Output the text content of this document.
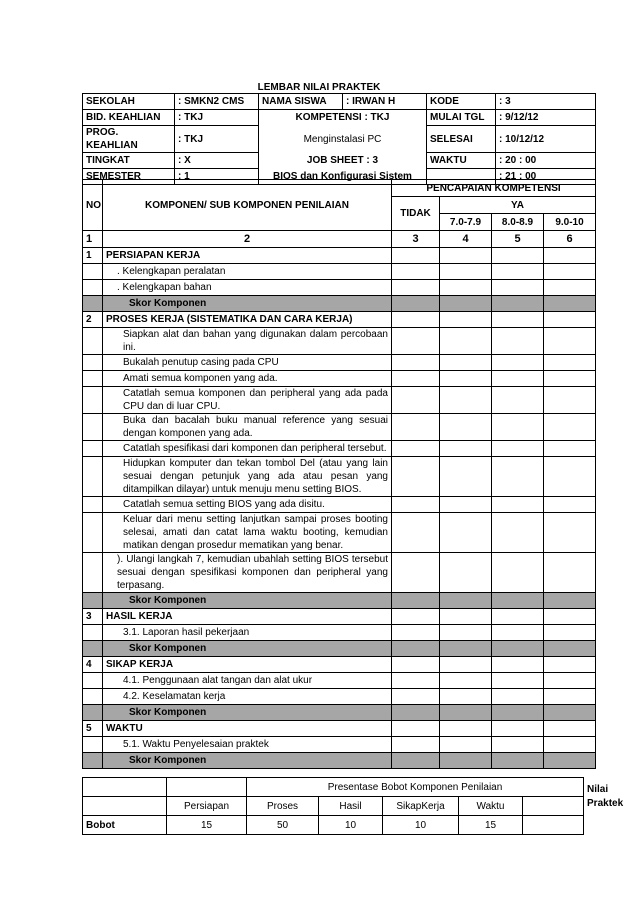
LEMBAR NILAI PRAKTEK
SEKOLAH	: SMKN2 CMS	NAMA SISWA	: IRWAN H	KODE	: 3
BID. KEAHLIAN	: TKJ	KOMPETENSI : TKJ		MULAI TGL	: 9/12/12
PROG. KEAHLIAN	: TKJ	Menginstalasi PC		SELESAI	: 10/12/12
TINGKAT	: X	JOB SHEET : 3		WAKTU	: 20 : 00
SEMESTER	: 1	BIOS dan Konfigurasi Sistem			: 21 : 00
NO	KOMPONEN/ SUB KOMPONEN PENILAIAN	PENCAPAIAN KOMPETENSI			
		TIDAK	YA		
			7.0-7.9	8.0-8.9	9.0-10
1	2	3	4	5	6
1	PERSIAPAN KERJA				
	. Kelengkapan peralatan				
	. Kelengkapan bahan				
	Skor Komponen				
2	PROSES KERJA (SISTEMATIKA DAN CARA KERJA)				
	Siapkan alat dan bahan yang digunakan dalam percobaan ini.				
	Bukalah penutup casing pada CPU				
	Amati semua komponen yang ada.				
	Catatlah semua komponen dan peripheral yang ada pada CPU dan di luar CPU.				
	Buka dan bacalah buku manual reference yang sesuai dengan komponen yang ada.				
	Catatlah spesifikasi dari komponen dan peripheral tersebut.				
	Hidupkan komputer dan tekan tombol Del (atau yang lain sesuai dengan petunjuk yang ada atau pesan yang ditampilkan dilayar) untuk menuju menu setting BIOS.				
	Catatlah semua setting BIOS yang ada disitu.				
	Keluar dari menu setting lanjutkan sampai proses booting selesai, amati dan catat lama waktu booting, kemudian matikan dengan prosedur mematikan yang benar.				
	). Ulangi langkah 7, kemudian ubahlah setting BIOS tersebut sesuai dengan spesifikasi komponen dan peripheral yang terpasang.				
	Skor Komponen				
3	HASIL KERJA				
	3.1. Laporan hasil pekerjaan				
	Skor Komponen				
4	SIKAP KERJA				
	4.1. Penggunaan alat tangan dan alat ukur				
	4.2. Keselamatan kerja				
	Skor Komponen				
5	WAKTU				
	5.1. Waktu Penyelesaian praktek				
	Skor Komponen				
		Presentase Bobot Komponen Penilaian					Nilai Praktek
	Persiapan	Proses	Hasil	SikapKerja	Waktu		
Bobot	15	50	10	10	15		
